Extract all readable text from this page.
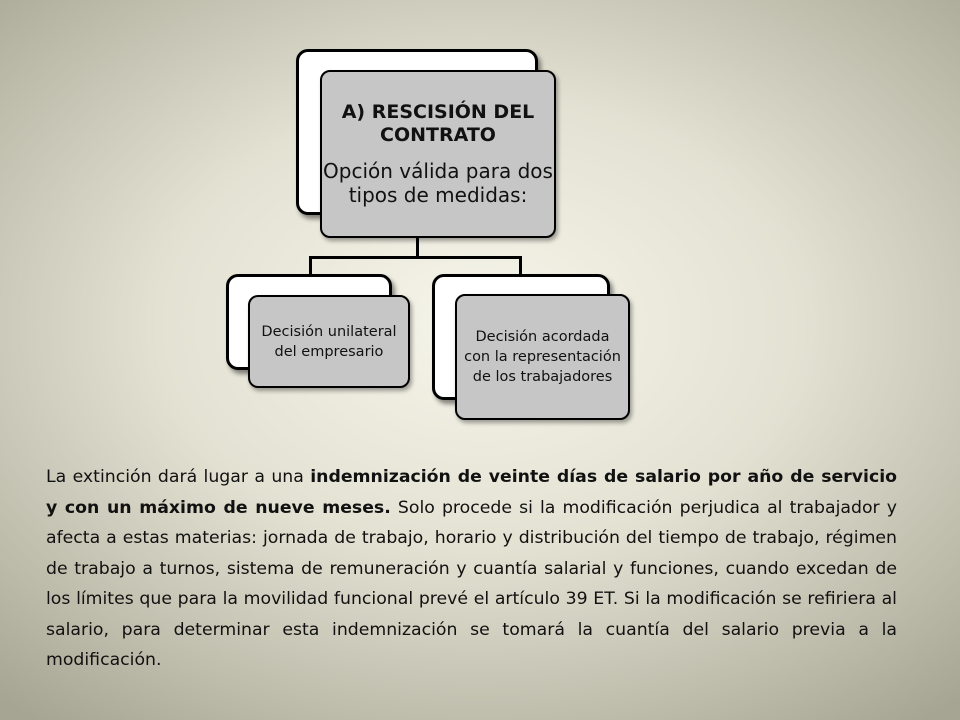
A) RESCISIÓN DEL CONTRATO
Opción válida para dos tipos de medidas:
Decisión unilateral del empresario
Decisión acordada con la representación de los trabajadores
La extinción dará lugar a una indemnización de veinte días de salario por año de servicio y con un máximo de nueve meses. Solo procede si la modificación perjudica al trabajador y afecta a estas materias: jornada de trabajo, horario y distribución del tiempo de trabajo, régimen de trabajo a turnos, sistema de remuneración y cuantía salarial y funciones, cuando excedan de los límites que para la movilidad funcional prevé el artículo 39 ET. Si la modificación se refiriera al salario, para determinar esta indemnización se tomará la cuantía del salario previa a la modificación.
